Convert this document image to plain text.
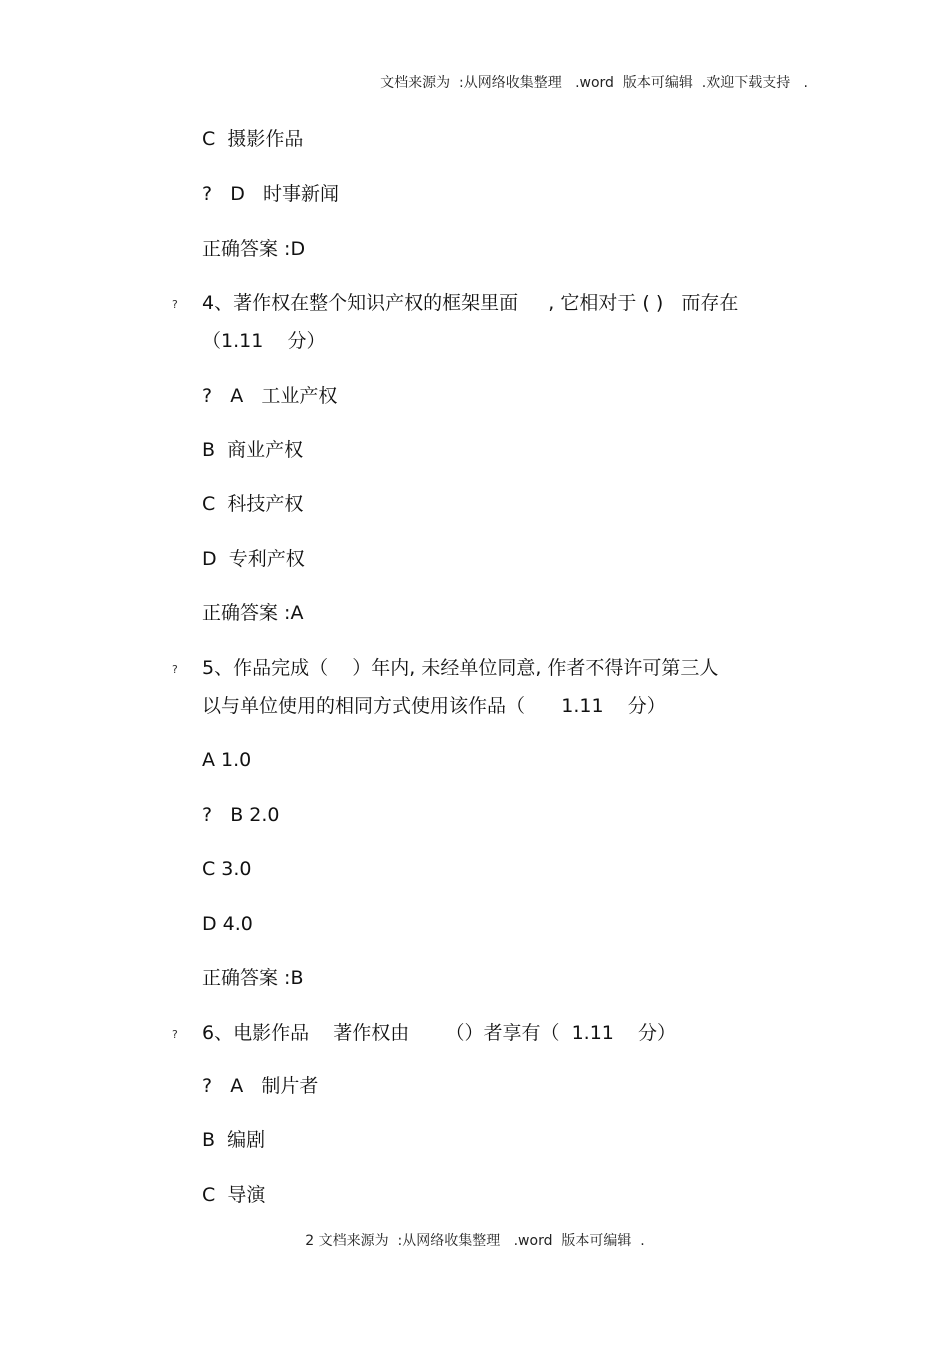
文档来源为  :从网络收集整理   .word  版本可编辑  .欢迎下载支持   .
C  摄影作品
?   D   时事新闻
正确答案 :D
? 4、著作权在整个知识产权的框架里面     , 它相对于 ( )   而存在
（1.11    分）
?   A   工业产权
B  商业产权
C  科技产权
D  专利产权
正确答案 :A
? 5、作品完成（    ）年内, 未经单位同意, 作者不得许可第三人
以与单位使用的相同方式使用该作品（      1.11    分）
A 1.0
?   B 2.0
C 3.0
D 4.0
正确答案 :B
? 6、电影作品    著作权由      （）者享有（  1.11    分）
?   A   制片者
B  编剧
C  导演
2 文档来源为  :从网络收集整理   .word  版本可编辑  .
